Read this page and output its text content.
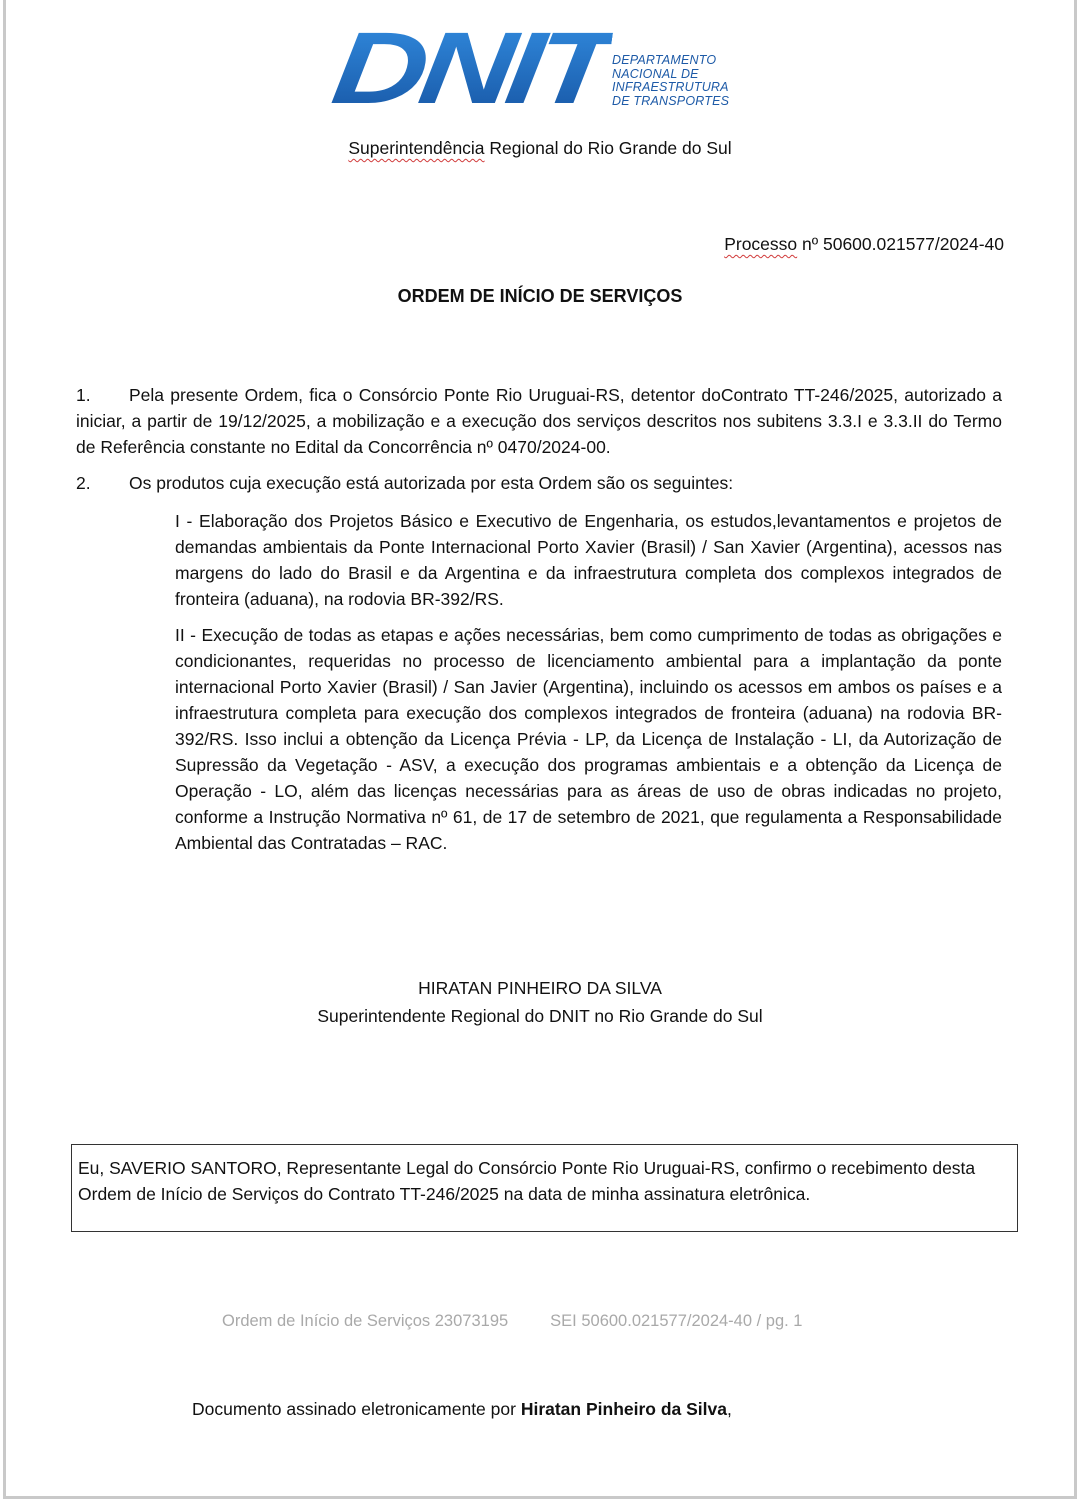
DNIT
DEPARTAMENTO
NACIONAL DE
INFRAESTRUTURA
DE TRANSPORTES
Superintendência Regional do Rio Grande do Sul
Processo nº 50600.021577/2024-40
ORDEM DE INÍCIO DE SERVIÇOS
1. Pela presente Ordem, fica o Consórcio Ponte Rio Uruguai-RS, detentor doContrato TT-246/2025, autorizado a iniciar, a partir de 19/12/2025, a mobilização e a execução dos serviços descritos nos subitens 3.3.I e 3.3.II do Termo de Referência constante no Edital da Concorrência nº 0470/2024-00.
2. Os produtos cuja execução está autorizada por esta Ordem são os seguintes:
I - Elaboração dos Projetos Básico e Executivo de Engenharia, os estudos,levantamentos e projetos de demandas ambientais da Ponte Internacional Porto Xavier (Brasil) / San Xavier (Argentina), acessos nas margens do lado do Brasil e da Argentina e da infraestrutura completa dos complexos integrados de fronteira (aduana), na rodovia BR-392/RS.
II - Execução de todas as etapas e ações necessárias, bem como cumprimento de todas as obrigações e condicionantes, requeridas no processo de licenciamento ambiental para a implantação da ponte internacional Porto Xavier (Brasil) / San Javier (Argentina), incluindo os acessos em ambos os países e a infraestrutura completa para execução dos complexos integrados de fronteira (aduana) na rodovia BR-392/RS. Isso inclui a obtenção da Licença Prévia - LP, da Licença de Instalação - LI, da Autorização de Supressão da Vegetação - ASV, a execução dos programas ambientais e a obtenção da Licença de Operação - LO, além das licenças necessárias para as áreas de uso de obras indicadas no projeto, conforme a Instrução Normativa nº 61, de 17 de setembro de 2021, que regulamenta a Responsabilidade Ambiental das Contratadas – RAC.
HIRATAN PINHEIRO DA SILVA
Superintendente Regional do DNIT no Rio Grande do Sul
Eu, SAVERIO SANTORO, Representante Legal do Consórcio Ponte Rio Uruguai-RS, confirmo o recebimento desta Ordem de Início de Serviços do Contrato TT-246/2025 na data de minha assinatura eletrônica.
Ordem de Início de Serviços 23073195	SEI 50600.021577/2024-40 / pg. 1
Documento assinado eletronicamente por Hiratan Pinheiro da Silva,
